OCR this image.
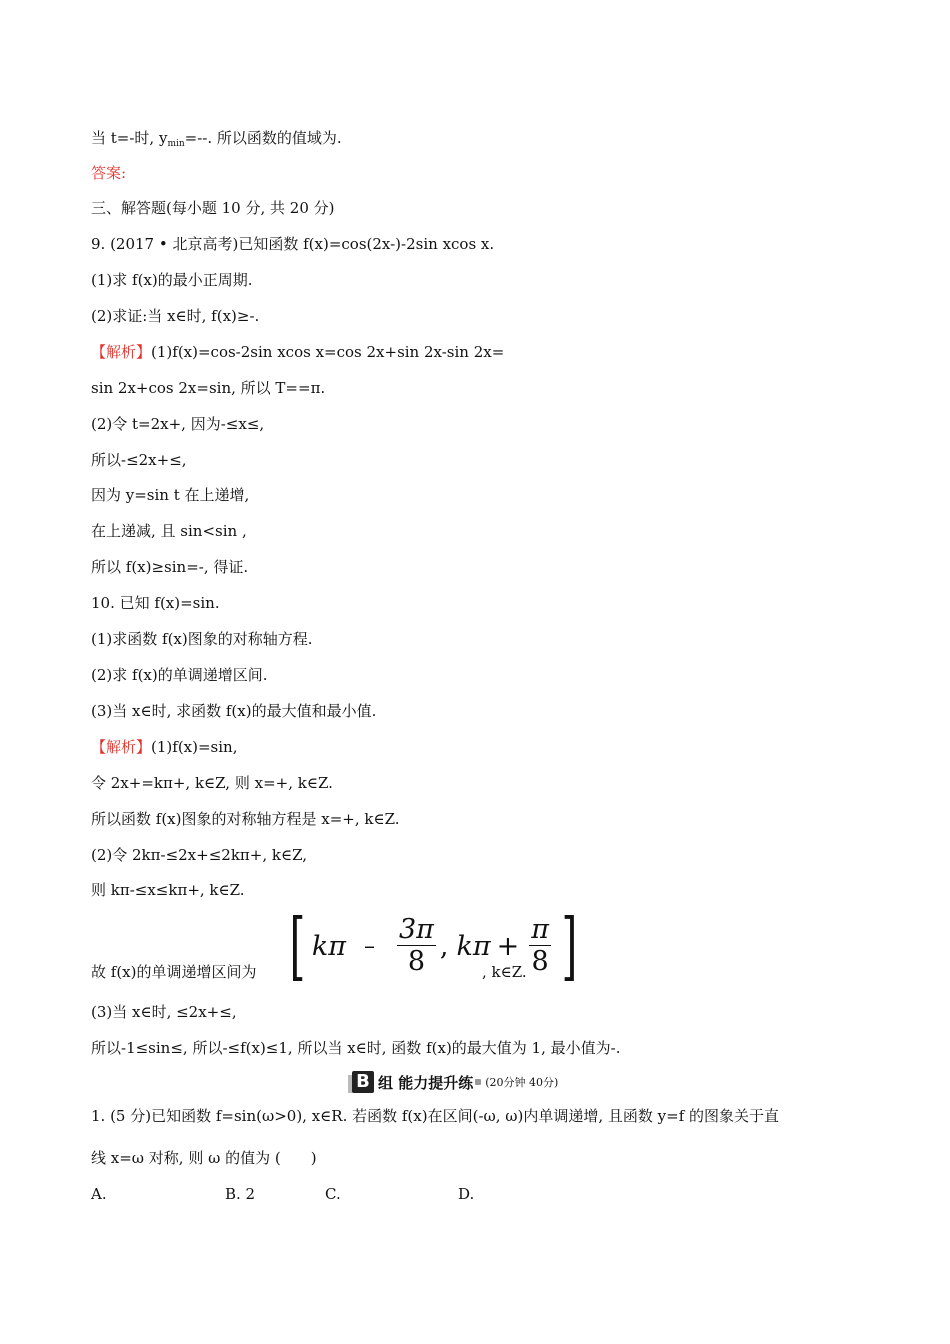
当 t=-时, $y_{min}=--$. 所以函数的值域为.
答案:
三、解答题(每小题 10 分, 共 20 分)
9. (2017 • 北京高考)已知函数 f(x)=cos(2x-)-2sin xcos x.
(1)求 f(x)的最小正周期.
(2)求证:当 x∈时, f(x)≥-.
【解析】(1)f(x)=cos-2sin xcos x=cos 2x+sin 2x-sin 2x=
sin 2x+cos 2x=sin, 所以 T==π.
(2)令 t=2x+, 因为-≤x≤,
所以-≤2x+≤,
因为 y=sin t 在上递增,
在上递减, 且 sin<sin ,
所以 f(x)≥sin=-, 得证.
10. 已知 f(x)=sin.
(1)求函数 f(x)图象的对称轴方程.
(2)求 f(x)的单调递增区间.
(3)当 x∈时, 求函数 f(x)的最大值和最小值.
【解析】(1)f(x)=sin,
令 2x+=kπ+, k∈Z, 则 x=+, k∈Z.
所以函数 f(x)图象的对称轴方程是 x=+, k∈Z.
(2)令 2kπ-≤2x+≤2kπ+, k∈Z,
则 kπ-≤x≤kπ+, k∈Z.
故 f(x)的单调递增区间为 [ kπ – $\frac{3\pi}{8}$ , $k\pi + \frac{\pi}{8}$ ]
, k∈Z.
(3)当 x∈时, ≤2x+≤,
所以-1≤sin≤, 所以-≤f(x)≤1, 所以当 x∈时, 函数 f(x)的最大值为 1, 最小值为-.
B 组 能力提升练 (20分钟 40分)
1. (5 分)已知函数 f=sin(ω>0), x∈R. 若函数 f(x)在区间(-ω, ω)内单调递增, 且函数 y=f 的图象关于直
线 x=ω 对称, 则 ω 的值为 (　　)
A.	B. 2	C.	D.
